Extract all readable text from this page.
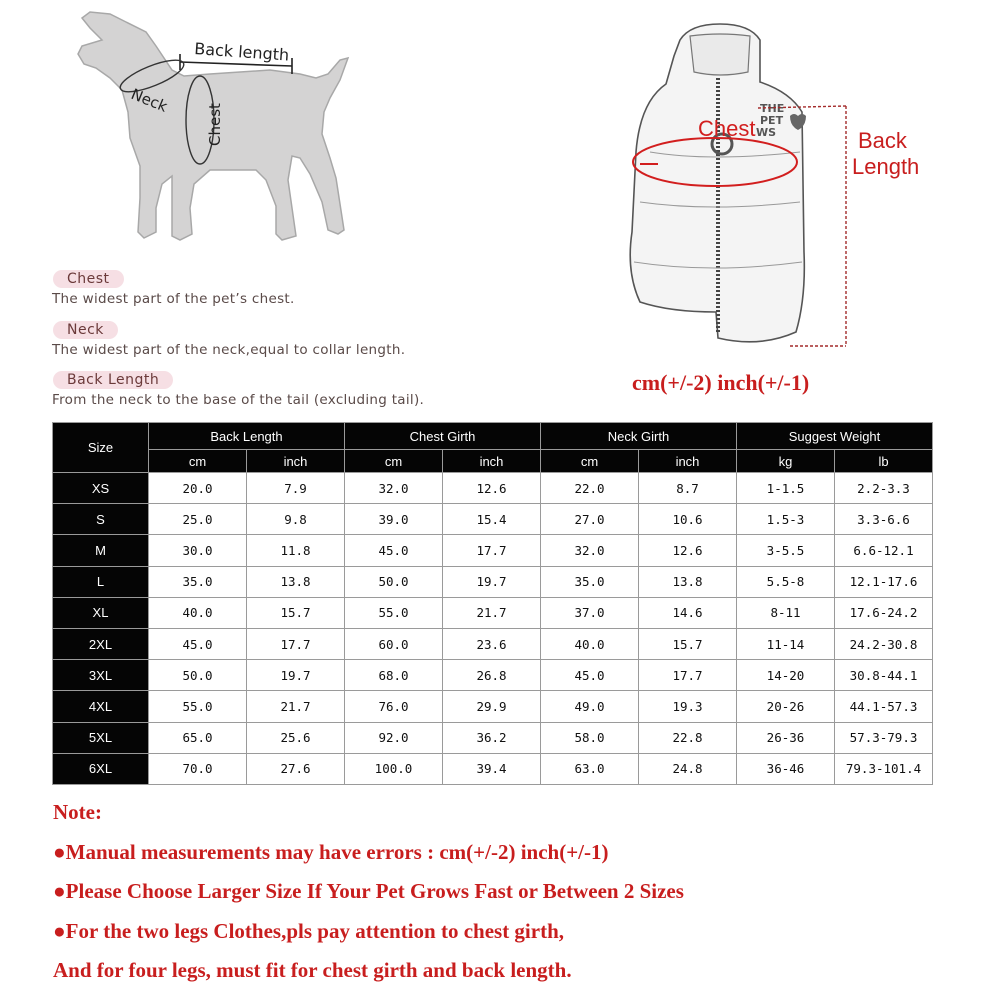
Back length
Neck
Chest
Chest
The widest part of the pet’s chest.
Neck
The widest part of the neck,equal to collar length.
Back Length
From the neck to the base of the tail (excluding tail).
THE
PET
WS
Chest	Back
Length
cm(+/-2) inch(+/-1)
Size	Back Length		Chest Girth		Neck Girth		Suggest Weight	
	cm	inch	cm	inch	cm	inch	kg	lb
XS	20.0	7.9	32.0	12.6	22.0	8.7	1-1.5	2.2-3.3
S	25.0	9.8	39.0	15.4	27.0	10.6	1.5-3	3.3-6.6
M	30.0	11.8	45.0	17.7	32.0	12.6	3-5.5	6.6-12.1
L	35.0	13.8	50.0	19.7	35.0	13.8	5.5-8	12.1-17.6
XL	40.0	15.7	55.0	21.7	37.0	14.6	8-11	17.6-24.2
2XL	45.0	17.7	60.0	23.6	40.0	15.7	11-14	24.2-30.8
3XL	50.0	19.7	68.0	26.8	45.0	17.7	14-20	30.8-44.1
4XL	55.0	21.7	76.0	29.9	49.0	19.3	20-26	44.1-57.3
5XL	65.0	25.6	92.0	36.2	58.0	22.8	26-36	57.3-79.3
6XL	70.0	27.6	100.0	39.4	63.0	24.8	36-46	79.3-101.4
Note:
●Manual measurements may have errors : cm(+/-2) inch(+/-1)
●Please Choose Larger Size If Your Pet Grows Fast or Between 2 Sizes
●For the two legs Clothes,pls pay attention to chest girth,
And for four legs, must fit for chest girth and back length.
